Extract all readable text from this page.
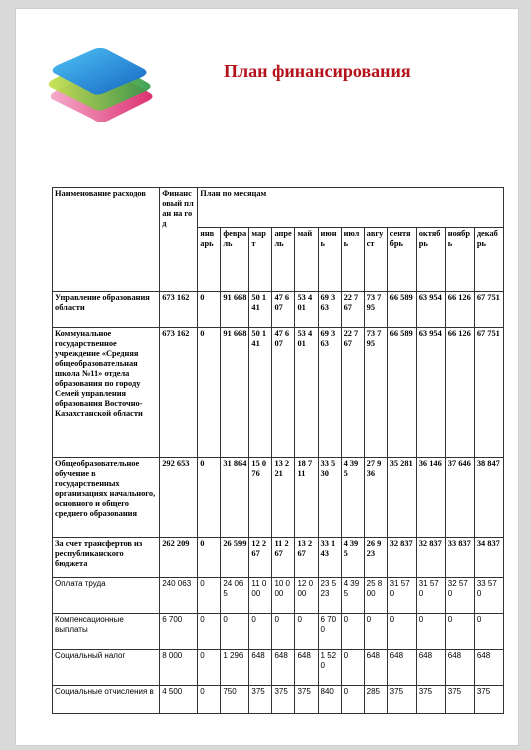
План финансирования
Наименование расходов	Финансовый план на год	План по месяцам											
		январь	февраль	март	апрель	май	июнь	июль	август	сентябрь	октябрь	ноябрь	декабрь
Управление образования области	673 162	0	91 668	50 141	47 607	53 401	69 363	22 767	73 795	66 589	63 954	66 126	67 751
Коммунальное государственное учреждение «Средняя общеобразовательная школа №11» отдела образования по городу Семей управления образования Восточно-Казахстанской области	673 162	0	91 668	50 141	47 607	53 401	69 363	22 767	73 795	66 589	63 954	66 126	67 751
Общеобразовательное обучение в государственных организациях начального, основного и общего среднего образования	292 653	0	31 864	15 076	13 221	18 711	33 530	4 395	27 936	35 281	36 146	37 646	38 847
За счет трансфертов из республиканского бюджета	262 209	0	26 599	12 267	11 267	13 267	33 143	4 395	26 923	32 837	32 837	33 837	34 837
Оплата труда	240 063	0	24 065	11 000	10 000	12 000	23 523	4 395	25 800	31 570	31 570	32 570	33 570
Компенсационные выплаты	6 700	0	0	0	0	0	6 700	0	0	0	0	0	0
Социальный налог	8 000	0	1 296	648	648	648	1 520	0	648	648	648	648	648
Социальные отчисления в	4 500	0	750	375	375	375	840	0	285	375	375	375	375
